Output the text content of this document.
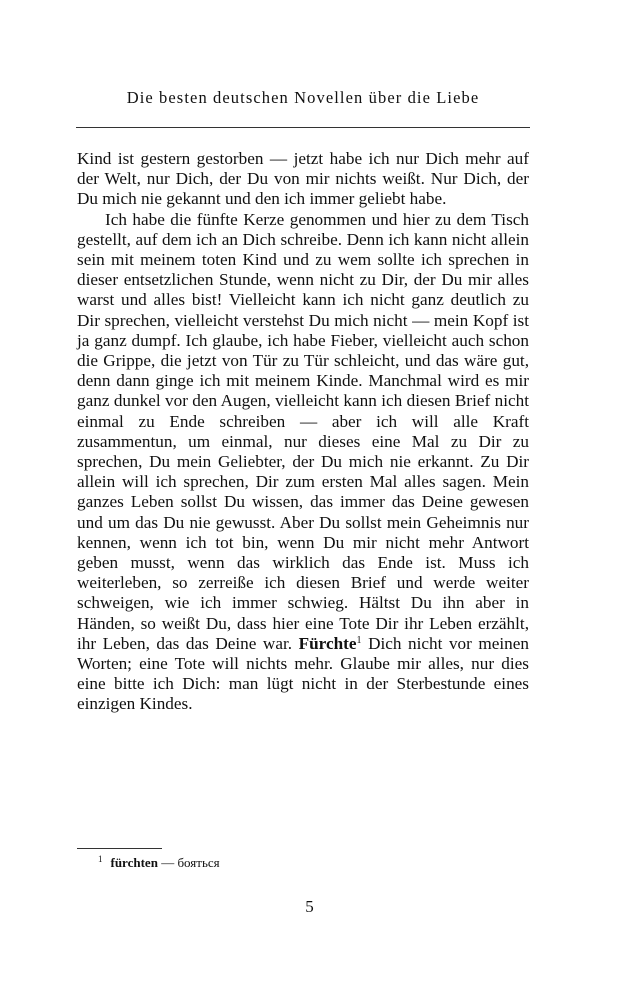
Die besten deutschen Novellen über die Liebe

Kind ist gestern gestorben — jetzt habe ich nur Dich mehr auf der Welt, nur Dich, der Du von mir nichts weißt. Nur Dich, der Du mich nie gekannt und den ich immer geliebt habe.

Ich habe die fünfte Kerze genommen und hier zu dem Tisch gestellt, auf dem ich an Dich schreibe. Denn ich kann nicht allein sein mit meinem toten Kind und zu wem sollte ich sprechen in dieser entsetzlichen Stunde, wenn nicht zu Dir, der Du mir alles warst und alles bist! Vielleicht kann ich nicht ganz deutlich zu Dir sprechen, vielleicht verstehst Du mich nicht — mein Kopf ist ja ganz dumpf. Ich glaube, ich habe Fieber, vielleicht auch schon die Grippe, die jetzt von Tür zu Tür schleicht, und das wäre gut, denn dann ginge ich mit meinem Kinde. Manchmal wird es mir ganz dunkel vor den Augen, vielleicht kann ich diesen Brief nicht einmal zu Ende schreiben — aber ich will alle Kraft zusammentun, um einmal, nur dieses eine Mal zu Dir zu sprechen, Du mein Geliebter, der Du mich nie erkannt. Zu Dir allein will ich sprechen, Dir zum ersten Mal alles sagen. Mein ganzes Leben sollst Du wissen, das immer das Deine gewesen und um das Du nie gewusst. Aber Du sollst mein Geheimnis nur kennen, wenn ich tot bin, wenn Du mir nicht mehr Antwort geben musst, wenn das wirklich das Ende ist. Muss ich weiterleben, so zerreiße ich diesen Brief und werde weiter schweigen, wie ich immer schwieg. Hältst Du ihn aber in Händen, so weißt Du, dass hier eine Tote Dir ihr Leben erzählt, ihr Leben, das das Deine war. Fürchte$^1$ Dich nicht vor meinen Worten; eine Tote will nichts mehr. Glaube mir alles, nur dies eine bitte ich Dich: man lügt nicht in der Sterbestunde eines einzigen Kindes.

$^1$ fürchten — бояться
5
